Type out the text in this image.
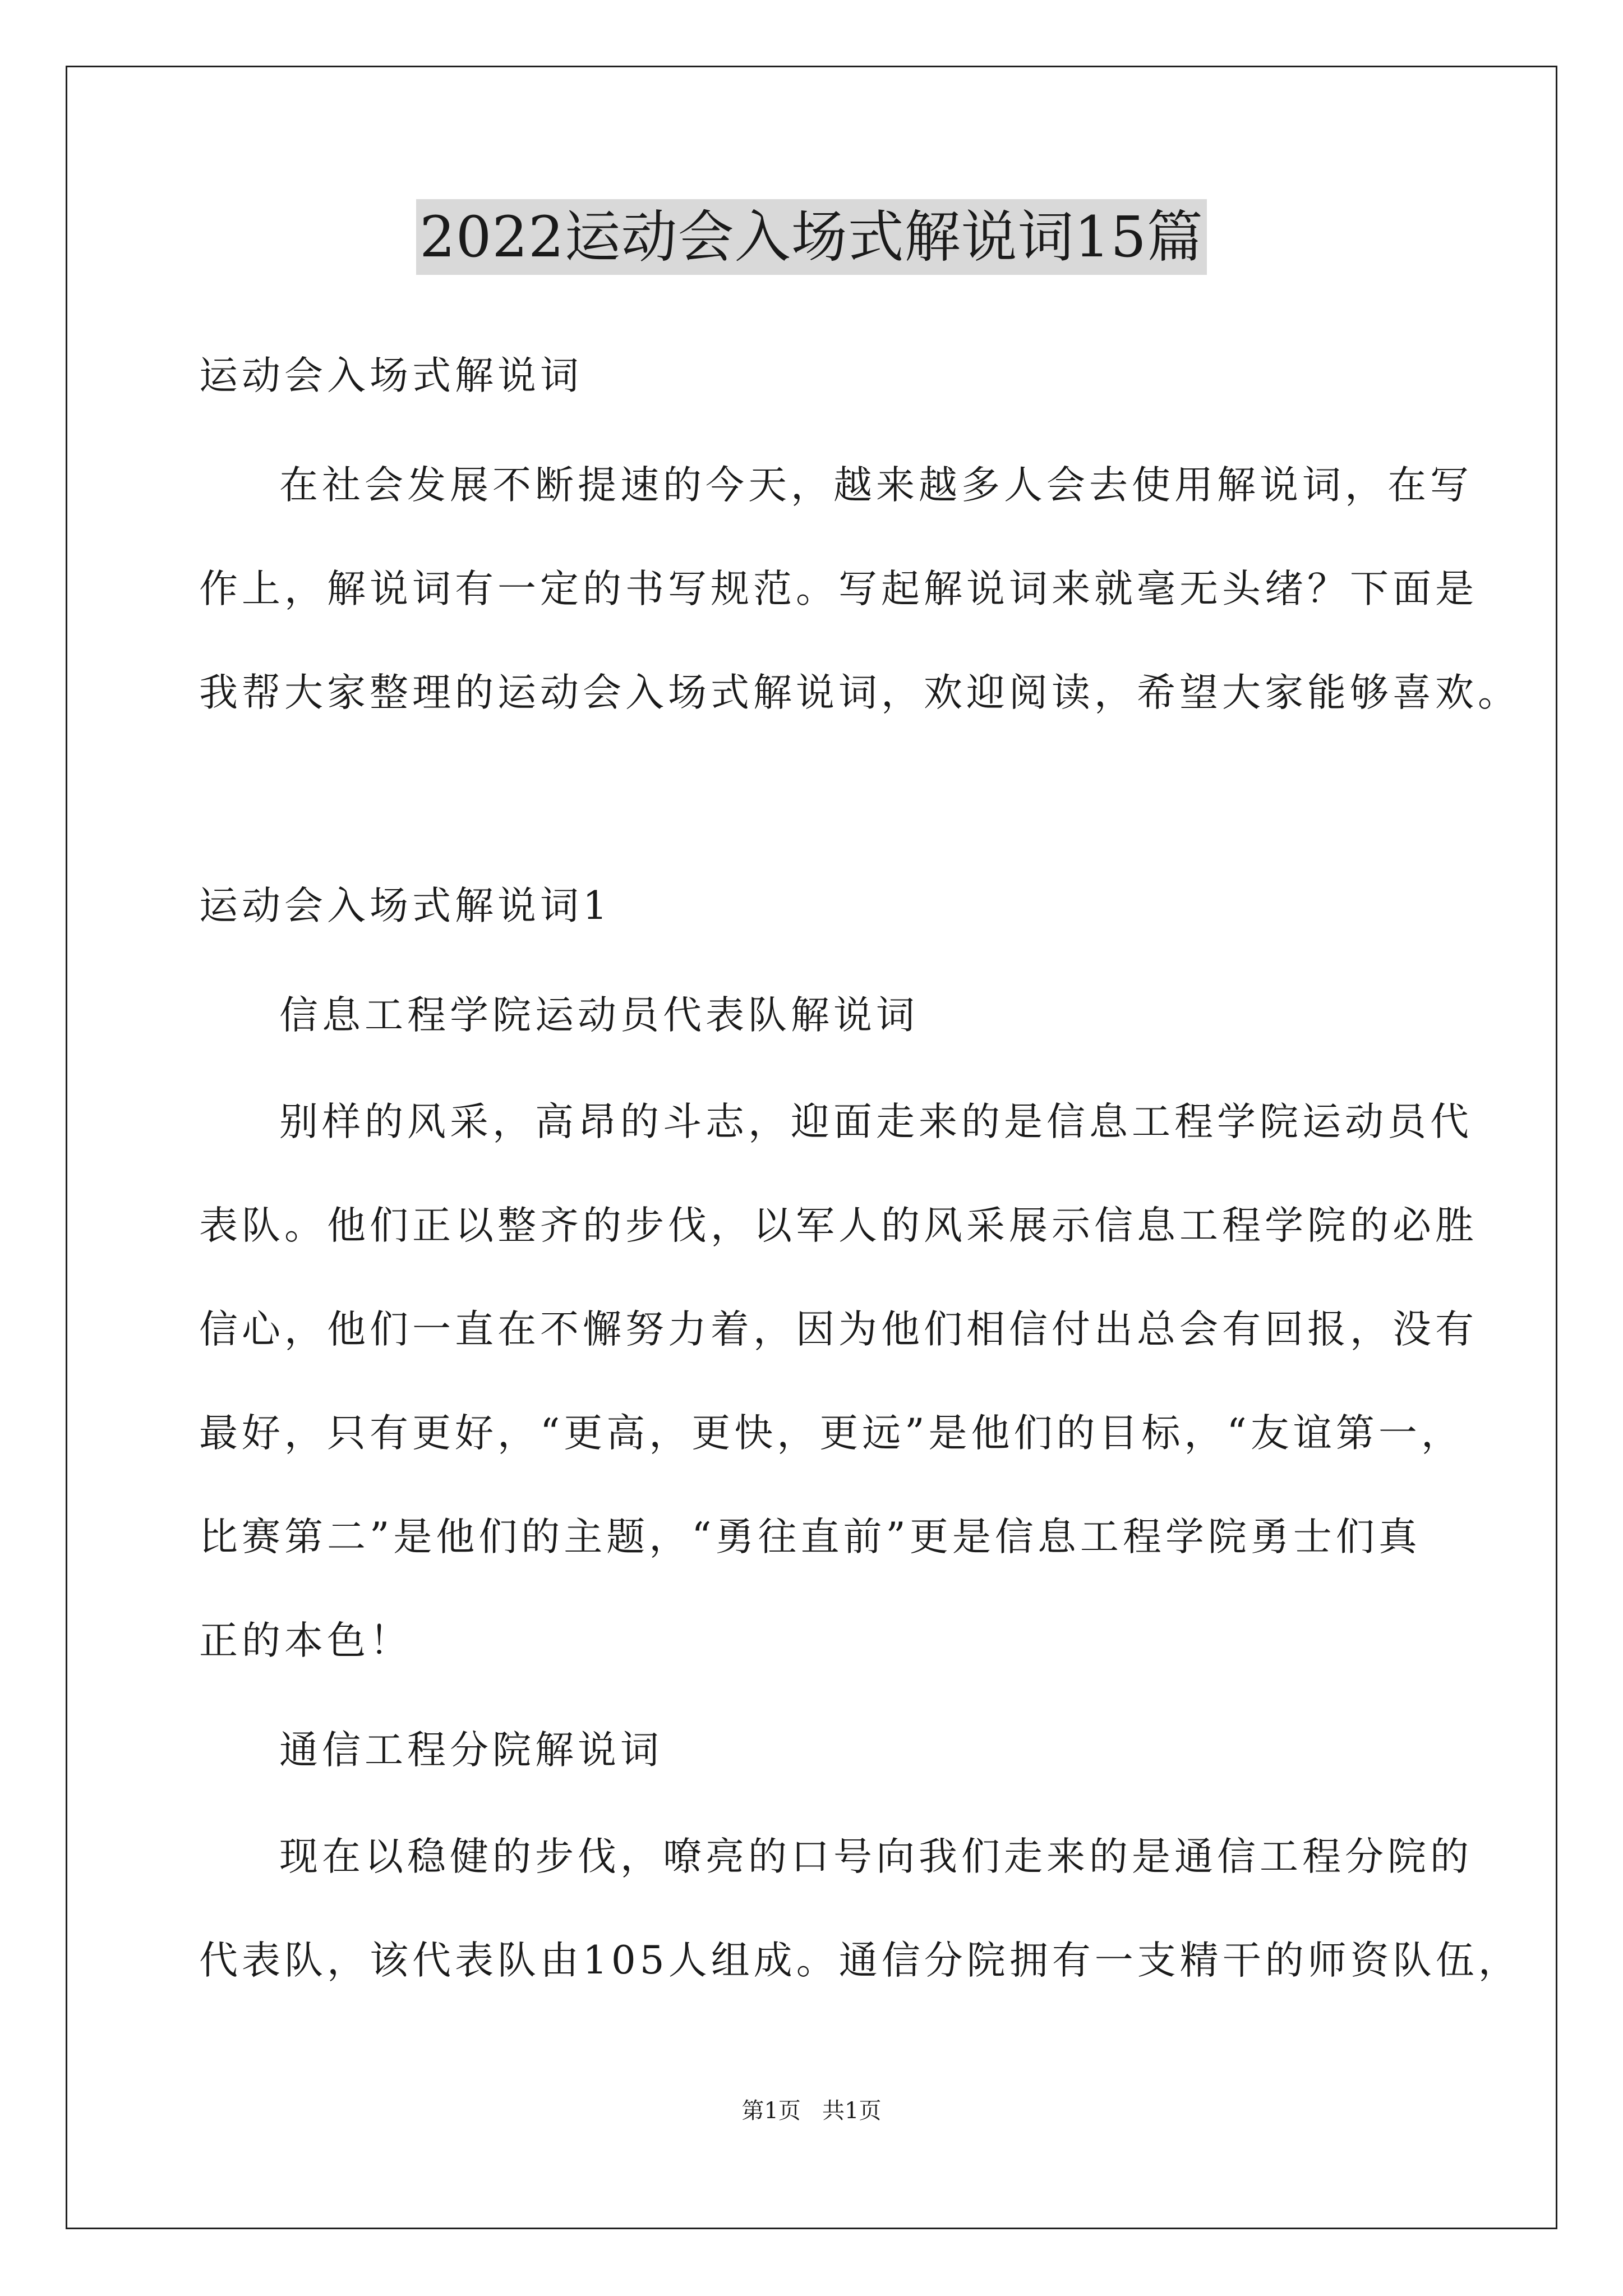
2022运动会入场式解说词15篇
运动会入场式解说词
在社会发展不断提速的今天，越来越多人会去使用解说词，在写
作上，解说词有一定的书写规范。写起解说词来就毫无头绪？下面是
我帮大家整理的运动会入场式解说词，欢迎阅读，希望大家能够喜欢。
运动会入场式解说词1
信息工程学院运动员代表队解说词
别样的风采，高昂的斗志，迎面走来的是信息工程学院运动员代
表队。他们正以整齐的步伐，以军人的风采展示信息工程学院的必胜
信心，他们一直在不懈努力着，因为他们相信付出总会有回报，没有
最好，只有更好，“更高，更快，更远”是他们的目标，“友谊第一，
比赛第二”是他们的主题，“勇往直前”更是信息工程学院勇士们真
正的本色！
通信工程分院解说词
现在以稳健的步伐，嘹亮的口号向我们走来的是通信工程分院的
代表队，该代表队由105人组成。通信分院拥有一支精干的师资队伍，
第1页   共1页
